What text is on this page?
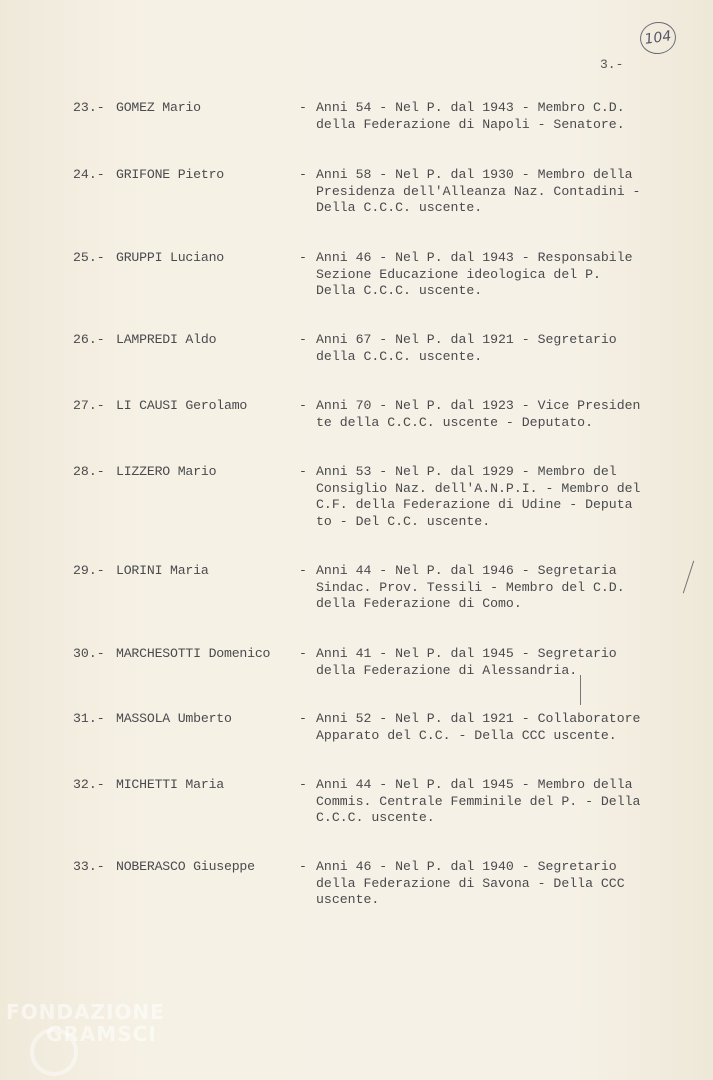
104
3.-
23.- GOMEZ Mario	- Anni 54 - Nel P. dal 1943 - Membro C.D.
della Federazione di Napoli - Senatore.
24.- GRIFONE Pietro	- Anni 58 - Nel P. dal 1930 - Membro della
Presidenza dell'Alleanza Naz. Contadini -
Della C.C.C. uscente.
25.- GRUPPI Luciano	- Anni 46 - Nel P. dal 1943 - Responsabile
Sezione Educazione ideologica del P.
Della C.C.C. uscente.
26.- LAMPREDI Aldo	- Anni 67 - Nel P. dal 1921 - Segretario
della C.C.C. uscente.
27.- LI CAUSI Gerolamo	- Anni 70 - Nel P. dal 1923 - Vice Presiden
te della C.C.C. uscente - Deputato.
28.- LIZZERO Mario	- Anni 53 - Nel P. dal 1929 - Membro del
Consiglio Naz. dell'A.N.P.I. - Membro del
C.F. della Federazione di Udine - Deputa
to - Del C.C. uscente.
29.- LORINI Maria	- Anni 44 - Nel P. dal 1946 - Segretaria
Sindac. Prov. Tessili - Membro del C.D.
della Federazione di Como.
30.- MARCHESOTTI Domenico - Anni 41 - Nel P. dal 1945 - Segretario
della Federazione di Alessandria.
31.- MASSOLA Umberto	- Anni 52 - Nel P. dal 1921 - Collaboratore
Apparato del C.C. - Della CCC uscente.
32.- MICHETTI Maria	- Anni 44 - Nel P. dal 1945 - Membro della
Commis. Centrale Femminile del P. - Della
C.C.C. uscente.
33.- NOBERASCO Giuseppe	- Anni 46 - Nel P. dal 1940 - Segretario
della Federazione di Savona - Della CCC
uscente.
FONDAZIONE
GRAMSCI
